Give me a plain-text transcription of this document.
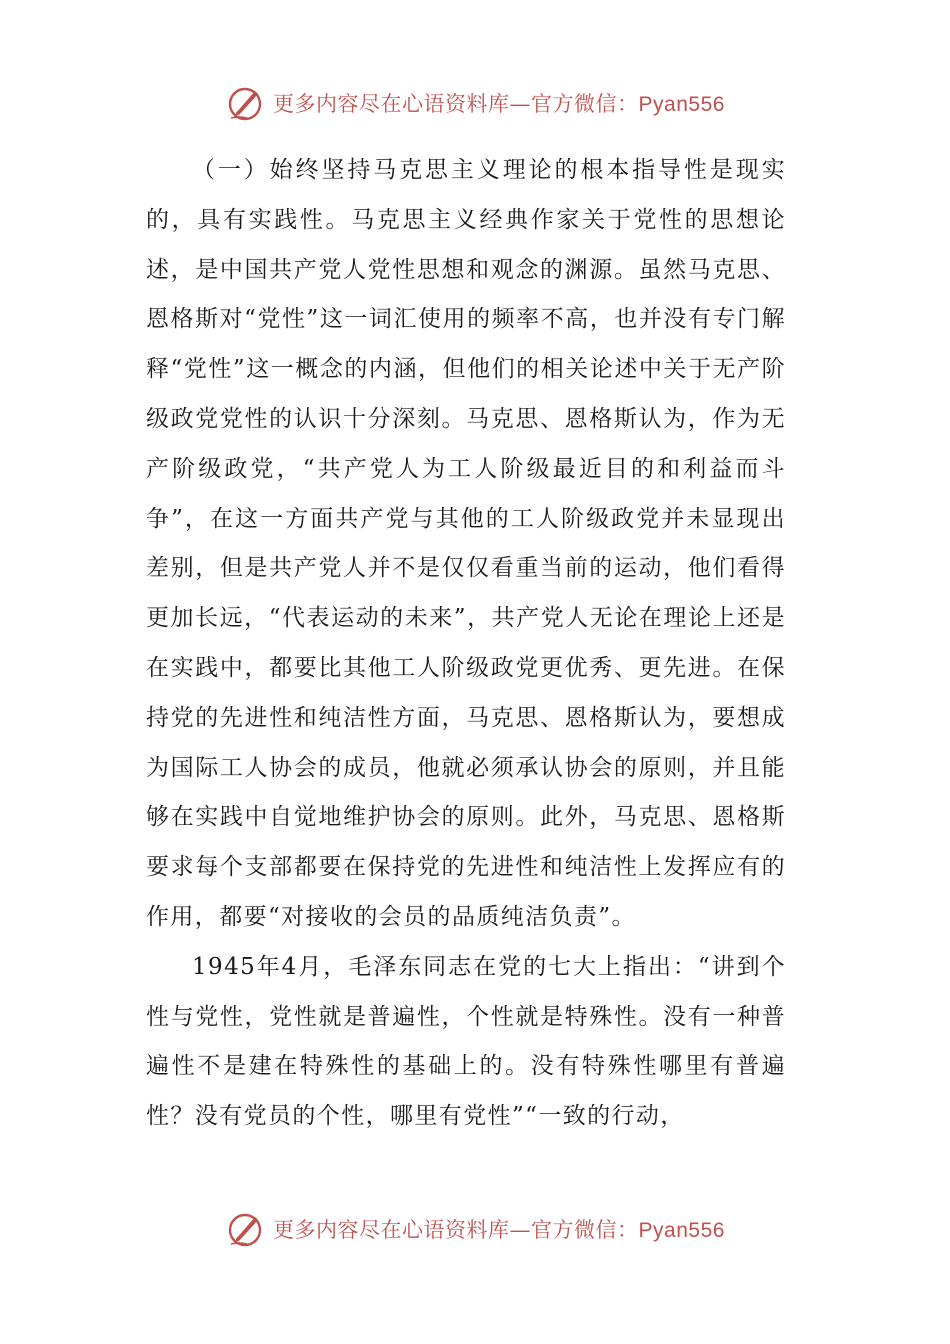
更多内容尽在心语资料库—官方微信：Pyan556

（一）始终坚持马克思主义理论的根本指导性是现实的，具有实践性。马克思主义经典作家关于党性的思想论述，是中国共产党人党性思想和观念的渊源。虽然马克思、恩格斯对“党性”这一词汇使用的频率不高，也并没有专门解释“党性”这一概念的内涵，但他们的相关论述中关于无产阶级政党党性的认识十分深刻。马克思、恩格斯认为，作为无产阶级政党，“共产党人为工人阶级最近目的和利益而斗争”，在这一方面共产党与其他的工人阶级政党并未显现出差别，但是共产党人并不是仅仅看重当前的运动，他们看得更加长远，“代表运动的未来”，共产党人无论在理论上还是在实践中，都要比其他工人阶级政党更优秀、更先进。在保持党的先进性和纯洁性方面，马克思、恩格斯认为，要想成为国际工人协会的成员，他就必须承认协会的原则，并且能够在实践中自觉地维护协会的原则。此外，马克思、恩格斯要求每个支部都要在保持党的先进性和纯洁性上发挥应有的作用，都要“对接收的会员的品质纯洁负责”。

1945年4月，毛泽东同志在党的七大上指出：“讲到个性与党性，党性就是普遍性，个性就是特殊性。没有一种普遍性不是建在特殊性的基础上的。没有特殊性哪里有普遍性？没有党员的个性，哪里有党性”“一致的行动，

更多内容尽在心语资料库—官方微信：Pyan556
